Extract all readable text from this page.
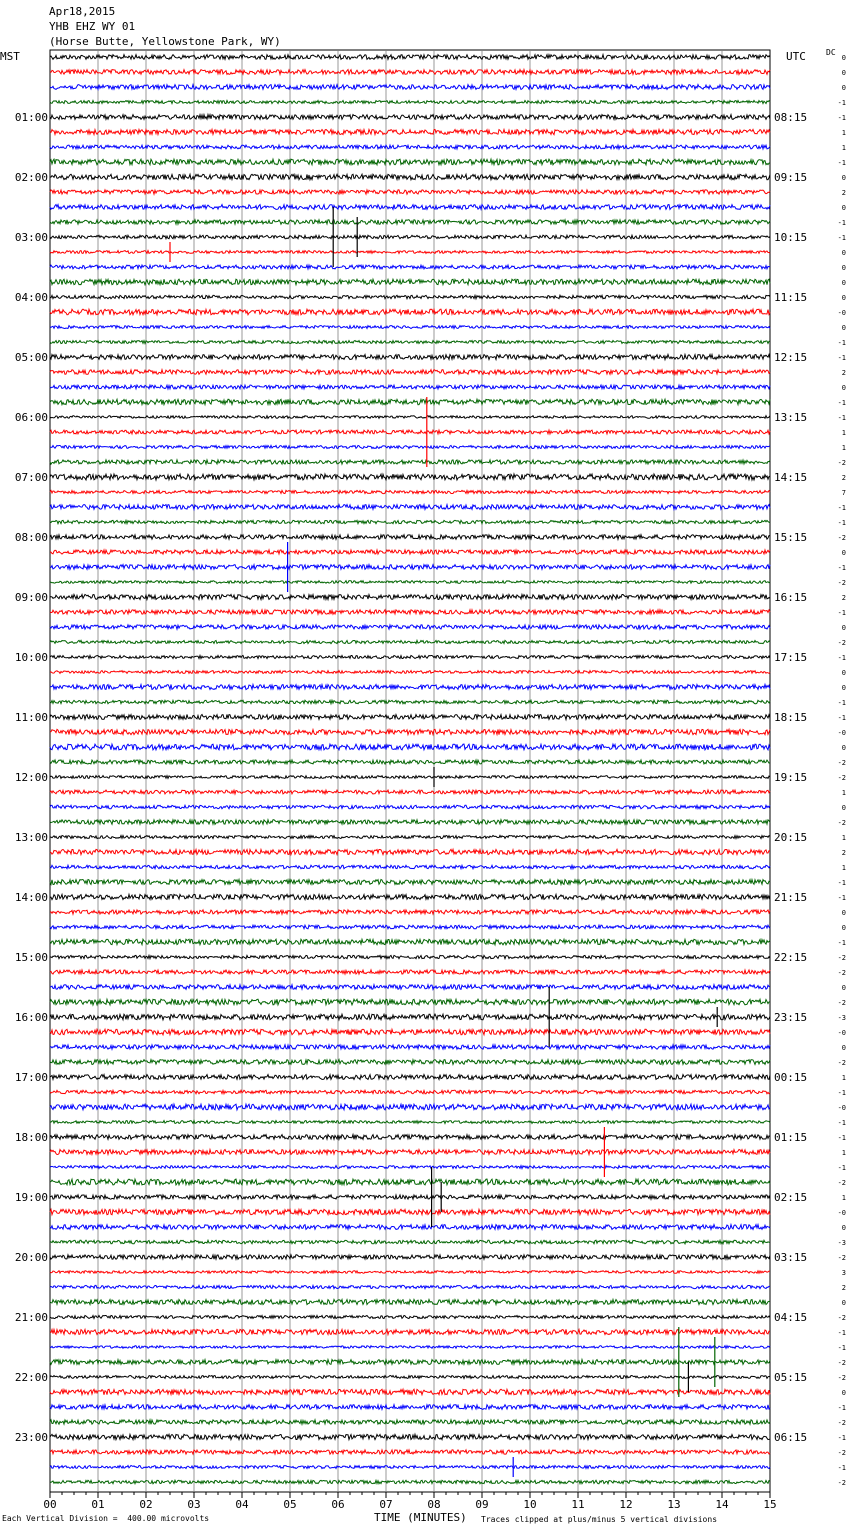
Apr18,2015
YHB EHZ WY 01
(Horse Butte, Yellowstone Park, WY)
MST	UTC	DC
01:00
02:00
03:00
04:00
05:00
06:00
07:00
08:00
09:00
10:00
11:00
12:00
13:00
14:00
15:00
16:00
17:00
18:00
19:00
20:00
21:00
22:00
23:00
08:15
09:15
10:15
11:15
12:15
13:15
14:15
15:15
16:15
17:15
18:15
19:15
20:15
21:15
22:15
23:15
00:15
01:15
02:15
03:15
04:15
05:15
06:15
0
0
0
-1
-1
1
1
-1
0
2
0
-1
-1
0
0
0
0
-0
0
-1
-1
2
0
-1
-1
1
1
-2
2
7
-1
-1
-2
0
-1
-2
2
-1
0
-2
-1
0
0
-1
-1
-0
0
-2
-2
1
0
-2
1
2
1
-1
-1
0
0
-1
-2
-2
0
-2
-3
-0
0
-2
1
-1
-0
-1
-1
1
-1
-2
1
-0
0
-3
-2
3
2
0
-2
-1
-1
-2
-2
0
-1
-2
-1
-2
-1
-2
00	01	02	03	04	05	06	07	08	09	10	11	12	13	14	15
Each Vertical Division =  400.00 microvolts	TIME (MINUTES) Traces clipped at plus/minus 5 vertical divisions
